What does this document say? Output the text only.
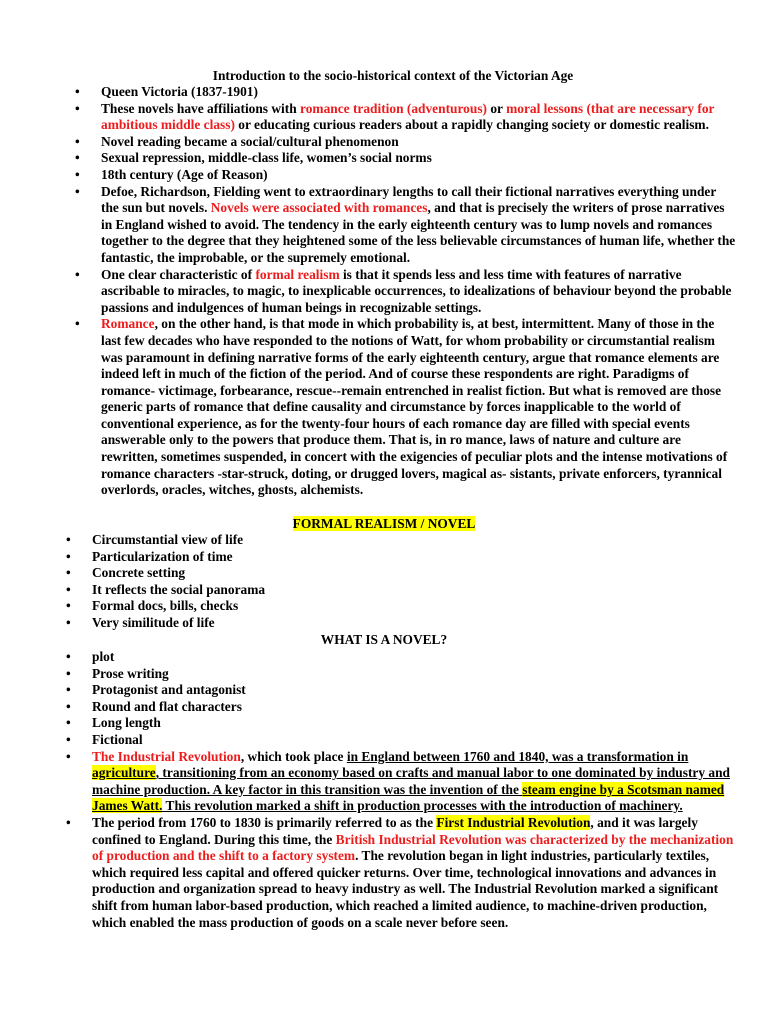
Introduction to the socio-historical context of the Victorian Age
• Queen Victoria (1837-1901)
• These novels have affiliations with romance tradition (adventurous) or moral lessons (that are necessary for ambitious middle class) or educating curious readers about a rapidly changing society or domestic realism.
• Novel reading became a social/cultural phenomenon
• Sexual repression, middle-class life, women’s social norms
• 18th century (Age of Reason)
• Defoe, Richardson, Fielding went to extraordinary lengths to call their fictional narratives everything under the sun but novels. Novels were associated with romances, and that is precisely the writers of prose narratives in England wished to avoid. The tendency in the early eighteenth century was to lump novels and romances together to the degree that they heightened some of the less believable circumstances of human life, whether the fantastic, the improbable, or the supremely emotional.
• One clear characteristic of formal realism is that it spends less and less time with features of narrative ascribable to miracles, to magic, to inexplicable occurrences, to idealizations of behaviour beyond the probable passions and indulgences of human beings in recognizable settings.
• Romance, on the other hand, is that mode in which probability is, at best, intermittent. Many of those in the last few decades who have responded to the notions of Watt, for whom probability or circumstantial realism was paramount in defining narrative forms of the early eighteenth century, argue that romance elements are indeed left in much of the fiction of the period. And of course these respondents are right. Paradigms of romance- victimage, forbearance, rescue--remain entrenched in realist fiction. But what is removed are those generic parts of romance that define causality and circumstance by forces inapplicable to the world of conventional experience, as for the twenty-four hours of each romance day are filled with special events answerable only to the powers that produce them. That is, in ro mance, laws of nature and culture are rewritten, sometimes suspended, in concert with the exigencies of peculiar plots and the intense motivations of romance characters -star-struck, doting, or drugged lovers, magical as- sistants, private enforcers, tyrannical overlords, oracles, witches, ghosts, alchemists.
FORMAL REALISM / NOVEL
• Circumstantial view of life
• Particularization of time
• Concrete setting
• It reflects the social panorama
• Formal docs, bills, checks
• Very similitude of life
WHAT IS A NOVEL?
• plot
• Prose writing
• Protagonist and antagonist
• Round and flat characters
• Long length
• Fictional
• The Industrial Revolution, which took place in England between 1760 and 1840, was a transformation in agriculture, transitioning from an economy based on crafts and manual labor to one dominated by industry and machine production. A key factor in this transition was the invention of the steam engine by a Scotsman named James Watt. This revolution marked a shift in production processes with the introduction of machinery.
• The period from 1760 to 1830 is primarily referred to as the First Industrial Revolution, and it was largely confined to England. During this time, the British Industrial Revolution was characterized by the mechanization of production and the shift to a factory system. The revolution began in light industries, particularly textiles, which required less capital and offered quicker returns. Over time, technological innovations and advances in production and organization spread to heavy industry as well. The Industrial Revolution marked a significant shift from human labor-based production, which reached a limited audience, to machine-driven production, which enabled the mass production of goods on a scale never before seen.
